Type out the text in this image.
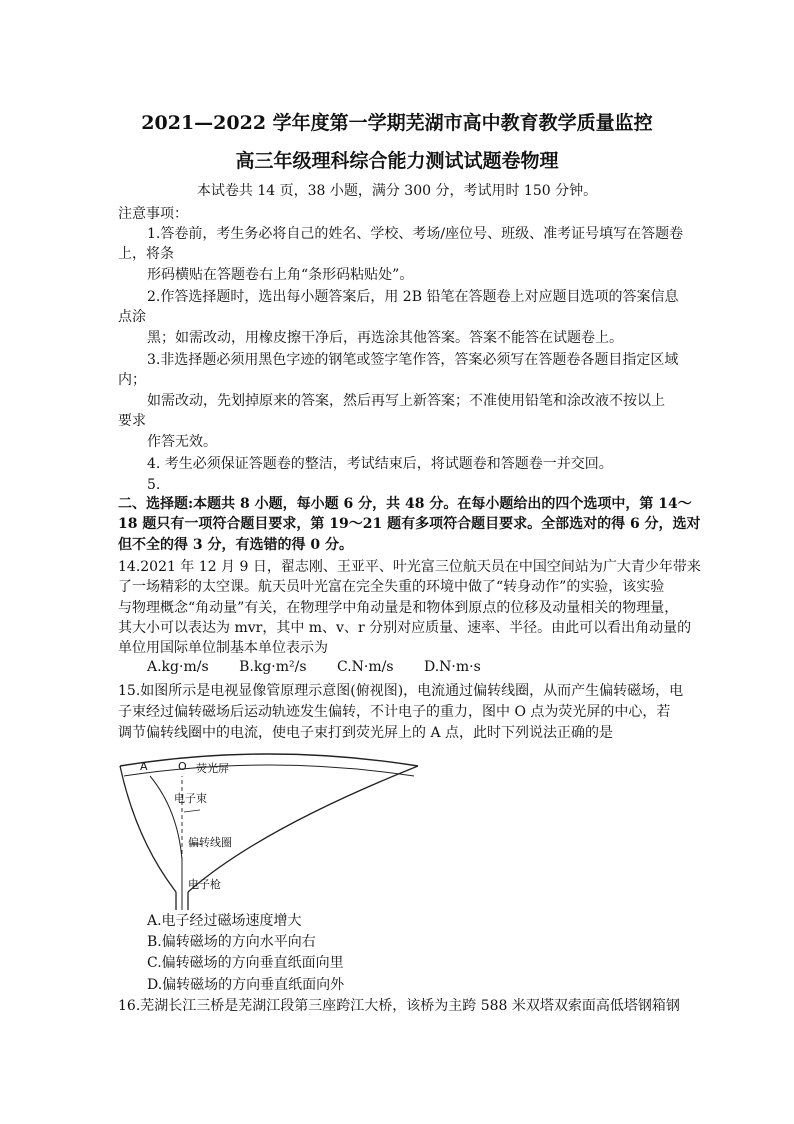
2021—2022 学年度第一学期芜湖市高中教育教学质量监控
高三年级理科综合能力测试试题卷物理
本试卷共 14 页，38 小题，满分 300 分，考试用时 150 分钟。
注意事项：
1.答卷前，考生务必将自己的姓名、学校、考场/座位号、班级、准考证号填写在答题卷
上，将条
形码横贴在答题卷右上角“条形码粘贴处”。
2.作答选择题时，选出每小题答案后，用 2B 铅笔在答题卷上对应题目选项的答案信息
点涂
黑；如需改动，用橡皮擦干净后，再选涂其他答案。答案不能答在试题卷上。
3.非选择题必须用黑色字迹的钢笔或签字笔作答，答案必须写在答题卷各题目指定区域
内；
如需改动，先划掉原来的答案，然后再写上新答案；不准使用铅笔和涂改液不按以上
要求
作答无效。
4. 考生必须保证答题卷的整洁，考试结束后，将试题卷和答题卷一并交回。
5.
二、选择题:本题共 8 小题，每小题 6 分，共 48 分。在每小题给出的四个选项中，第 14～
18 题只有一项符合题目要求，第 19～21 题有多项符合题目要求。全部选对的得 6 分，选对
但不全的得 3 分，有选错的得 0 分。
14.2021 年 12 月 9 日，翟志刚、王亚平、叶光富三位航天员在中国空间站为广大青少年带来
了一场精彩的太空课。航天员叶光富在完全失重的环境中做了“转身动作”的实验，该实验
与物理概念“角动量”有关，在物理学中角动量是和物体到原点的位移及动量相关的物理量，
其大小可以表达为 mvr，其中 m、v、r 分别对应质量、速率、半径。由此可以看出角动量的
单位用国际单位制基本单位表示为
A.kg·m/s B.kg·m²/s C.N·m/s D.N·m·s
15.如图所示是电视显像管原理示意图(俯视图)，电流通过偏转线圈，从而产生偏转磁场，电
子束经过偏转磁场后运动轨迹发生偏转，不计电子的重力，图中 O 点为荧光屏的中心，若
调节偏转线圈中的电流，使电子束打到荧光屏上的 A 点，此时下列说法正确的是
A	O 荧光屏
电子束
偏转线圈
电子枪
A.电子经过磁场速度增大
B.偏转磁场的方向水平向右
C.偏转磁场的方向垂直纸面向里
D.偏转磁场的方向垂直纸面向外
16.芜湖长江三桥是芜湖江段第三座跨江大桥，该桥为主跨 588 米双塔双索面高低塔钢箱钢
